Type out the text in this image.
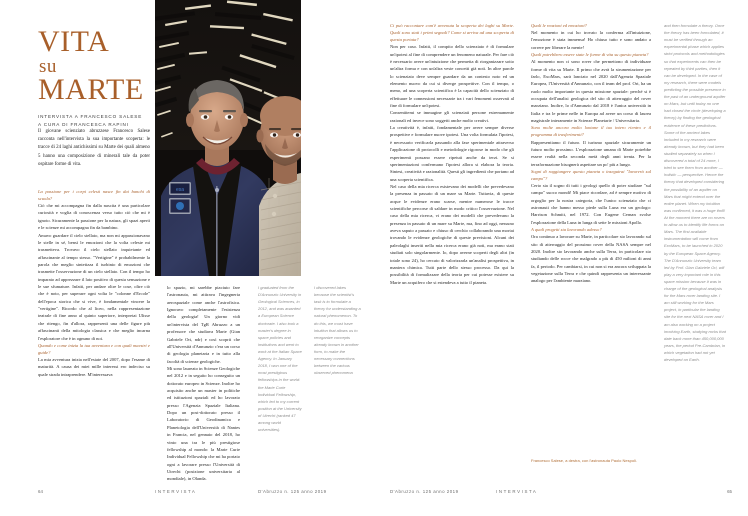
VITA
su
MARTE
INTERVISTA A FRANCESCO SALESE
A CURA DI FRANCESCA RAPINI
esa

Il giovane scienziato abruzzese Francesco Salese racconta nell'intervista la sua importante scoperta: le tracce di 24 laghi antichissimi su Marte dei quali almeno 5 hanno una composizione di minerali tale da poter ospitare forme di vita.

La passione per i corpi celesti nasce fin dai banchi di scuola?

Ciò che mi accompagna fin dalla nascita è una particolare curiosità e voglia di conoscenza verso tutto ciò che mi è ignoto. Sicuramente la passione per la natura, gli spazi aperti e le scienze mi accompagna fin da bambino.

Amavo guardare il cielo stellato, ma non mi appassionavano le stelle in sé, bensì le emozioni che la volta celeste mi trasmetteva. Trovavo il cielo stellato inquietante ed affascinante al tempo stesso. "Vertigine" è probabilmente la parola che meglio sintetizza il turbinio di emozioni che trasmette l'osservazione di un cielo stellato. Con il tempo ho imparato ad apprezzare il lato positivo di questa sensazione e le sue sfumature. Infatti, per andare oltre le cose, oltre ciò che è noto, per superare ogni volta le "colonne d'Ercole" dell'epoca storica che si vive, è fondamentale vincere la "vertigine". Ricordo che al liceo, nella rappresentazione teatrale di fine anno al quinto superiore, interpretai Ulisse che ritengo, fin d'allora, rappresenti una delle figure più affascinanti della mitologia classica e che meglio incarna l'esploratore che è in ognuno di noi.

Quando e come inizia la tua avventura e con quali maestri e guide?

La mia avventura inizia nell'estate del 2007, dopo l'esame di maturità. A causa dei miei mille interessi ero indeciso su quale strada intraprendere. M'interessava

lo spazio, mi sarebbe piaciuto fare l'astronauta, mi attirava l'ingegneria aerospaziale come anche l'astrofisica. Ignoravo completamente l'esistenza della geologia! Un giorno vidi un'intervista del TgR Abruzzo a un professore che studiava Marte (Gian Gabriele Ori, ndr) e così scoprii che all'Università d'Annunzio c'era un corso di geologia planetaria e in tutto alla facoltà di scienze geologiche.

Mi sono laureato in Scienze Geologiche nel 2012 e in seguito ho conseguito un dottorato europeo in Scienze. Inoltre ho acquisito anche un master in politiche ed istituzioni spaziali ed ho lavorato presso l'Agenzia Spaziale Italiana. Dopo un post-dottorato presso il Laboratorio di Geodinamica e Planetologia dell'Università di Nantes in Francia, nel gennaio del 2018, ho vinto una tra le più prestigiose fellowship al mondo: la Marie Curie Individual Fellowship che mi ha portato ogni a lavorare presso l'Università di Utrecht (posizione universitaria al mondiale), in Olanda.

I graduated from the D'Annunzio University in Geological Sciences, in 2012, and was awarded a European Science doctorate. I also took a master's degree in space policies and institutions and went to work at the Italian Space Agency. In January 2018, I won one of the most prestigious fellowships in the world: the Marie Curie Individual Fellowship, which led to my current position at the University of Utrecht (ranked 47 among world universities).

I discovered lakes because the scientist's task is to formulate a theory for understanding a natural phenomenon. To do this, we must have intuition that allows us to reorganize concepts already known in another form, to make the necessary connections between the various observed phenomena

64	INTERVISTA	D'Abruzzo n. 125 anno 2019

Ci può raccontare com'è avvenuta la scoperta dei laghi su Marte. Quali sono stati i primi segnali? Come si arriva ad una scoperta di questa portata?

Non per caso. Infatti, il compito dello scienziato è di formulare un'ipotesi al fine di comprendere un fenomeno naturale. Per fare ciò è necessario avere un'intuizione che permetta di riorganizzare sotto un'altra forma e con un'altra veste concetti già noti. In altre parole lo scienziato deve sempre guardare da un contesto noto ed un elemento nuovo da cui si diverge prospettive. Con il tempo, o meno, ad una scoperta scientifica è la capacità dello scienziato di effettuare le connessioni necessarie tra i vari fenomeni osservati al fine di formulare un'ipotesi.

Consentitemi se immagine gli scienziati persone estremamente razionali ed invece sono soggetti anche molto creativi.

La creatività è, infatti, fondamentale per avere sempre diverse prospettive e formulare nuove ipotesi. Una volta formulata l'ipotesi, è necessario verificarla passando alla fase sperimentale attraverso l'applicazione di protocolli e metodologie rigorose in modo che gli esperimenti possano essere ripetuti anche da terzi. Se si sperimentazioni confermano l'ipotesi allora si elabora la teoria. Sintesi, creatività e razionalità. Questi gli ingredienti che portano ad una scoperta scientifica.

Nel caso della mia ricerca esistevano dei modelli che prevedevano la presenza in passato di un mare su Marte. Tuttavia, di queste acque le evidenze erano scarse, mentre numerose le tracce scientifiche percorse di saldare in modo critico l'osservazione. Nel caso della mia ricerca, vi erano dei modelli che prevedevano la presenza in passato di un mare su Marte, ma, fino ad oggi, nessuno aveva saputo a passato e chiuso di cerchio collaborando una mortai trovando le evidenze geologiche di queste previsioni. Alcuni dei paleolaghi inseriti nella mia ricerca erano già noti, ma erano stati studiati solo singolarmente. Io, dopo averne scoperti degli altri (in totale sono 24), ho cercato di valorizzarla un'analisi prospettiva, in maniera chimica. Tutti parte dello stesso processo. Da qui la possibilità di formalizzare della teoria per cui potesse esistere su Marte un acquifero che si estendeva a tutto il pianeta.

Quali le reazioni ed emozioni?

Nel momento in cui ho trovato la conferma all'intuizione, l'emozione è stata immensa! Ho chiuso tutto e sono andato a correre per liberare la mente!

Quali potrebbero essere state le forme di vita su questo pianeta?

Al momento non ci sono rover che permettono di individuare forme di vita su Marte. Il primo che avrà la strumentazione per farlo, ExoMars, sarà lanciato nel 2020 dall'Agenzia Spaziale Europea, l'Università d'Annunzio, con il team del prof. Ori, ha un ruolo molto importante in questa missione spaziale: perché si è occupata dell'analisi geologica del sito di atterraggio del rover marziano. Inoltre, lo d'Annunzio dal 2018 è l'unica università in Italia e tra le prime nelle in Europa ad avere un corso di laurea magistrale interamente in Scienze Planetarie / Universitaria.

Sono molte ancora molto lontane il tuo intero rientro e il programma di trasferimenti?

Rappresentiamo il futuro. Il turismo spaziale sicuramente un futuro molto prossimo. L'esplorazione umana di Marte potrebbe essere realtà nella seconda metà degli anni trenta. Per la terraformazione bisognerà aspettare un po' più a lungo.

Sogni di raggiungere questo pianeta o inseguirai "lavorerà sul campo"?

Certo sia il sogno di tutti i geologi quello di poter studiare "sul campo" suoco mondi! Mi piace ricordare, ad è sempre motivo di orgoglio per la nostra categoria, che l'unico scienziato che ci astronauti che hanno messo piede sulla Luna era un geologo: Harrison Schmitt, nel 1972. Con Eugene Cernan svolse l'esplorazione della Luna in lunga di sette le missioni Apollo.

A quali progetti sta lavorando adesso?

Ora continuo a lavorare su Marte, in particolare sto lavorando sul sito di atterraggio del prossimo rover della NASA sempre nel 2020. Inoltre sto lavorando anche sulla Terra, in particolare sto studiando delle rocce che malgrado a più di 450 milioni di anni fa, il periodo. Per cambiarsi, in cui non si era ancora sviluppata la vegetazione sulla Terra e che quindi rappresenta un interessante analogo per l'ambiente marziano.

and then formulate a theory. Once the theory has been formulated, it must be verified through an experimental phase which applies strict protocols and methodologies so that experiments can then be repeated by third parties, then it can be developed. In the case of my research, there were models predicting the possible presence in the past of an underground aquifer on Mars, but until today no one had closed the circle (developing a theory) by finding the geological evidence of these predictions. Some of the ancient lakes included in my research were already known, but they had been studied separately so when I discovered a total of 24 more, I tried to see them from another — holistic — perspective. Hence the theory that developed considering the possibility of an aquifer on Mars that might extend over the entire planet. When my intuition was confirmed, it was a huge thrill! At the moment there are no rovers to allow us to identify life forms on Mars. The first available instrumentation will come from ExoMars, to be launched in 2020 by the European Space Agency. The D'Annunzio University team led by Prof. Gian Gabriele Ori, will play a very important role in this space mission because it was in charge of the geological analysis for the Mars rover landing site. I am still working for the Mars project, in particular the landing site for the next NASA rover and I am also working on a project involving Earth, studying rocks that date back more than 450,000,000 years, the period Pre-Cambrian, in which vegetation had not yet developed on Earth.

Francesco Salese, a destra, con l'astronauta Paolo Nespoli.
D'Abruzzo n. 125 anno 2019	INTERVISTA	65
